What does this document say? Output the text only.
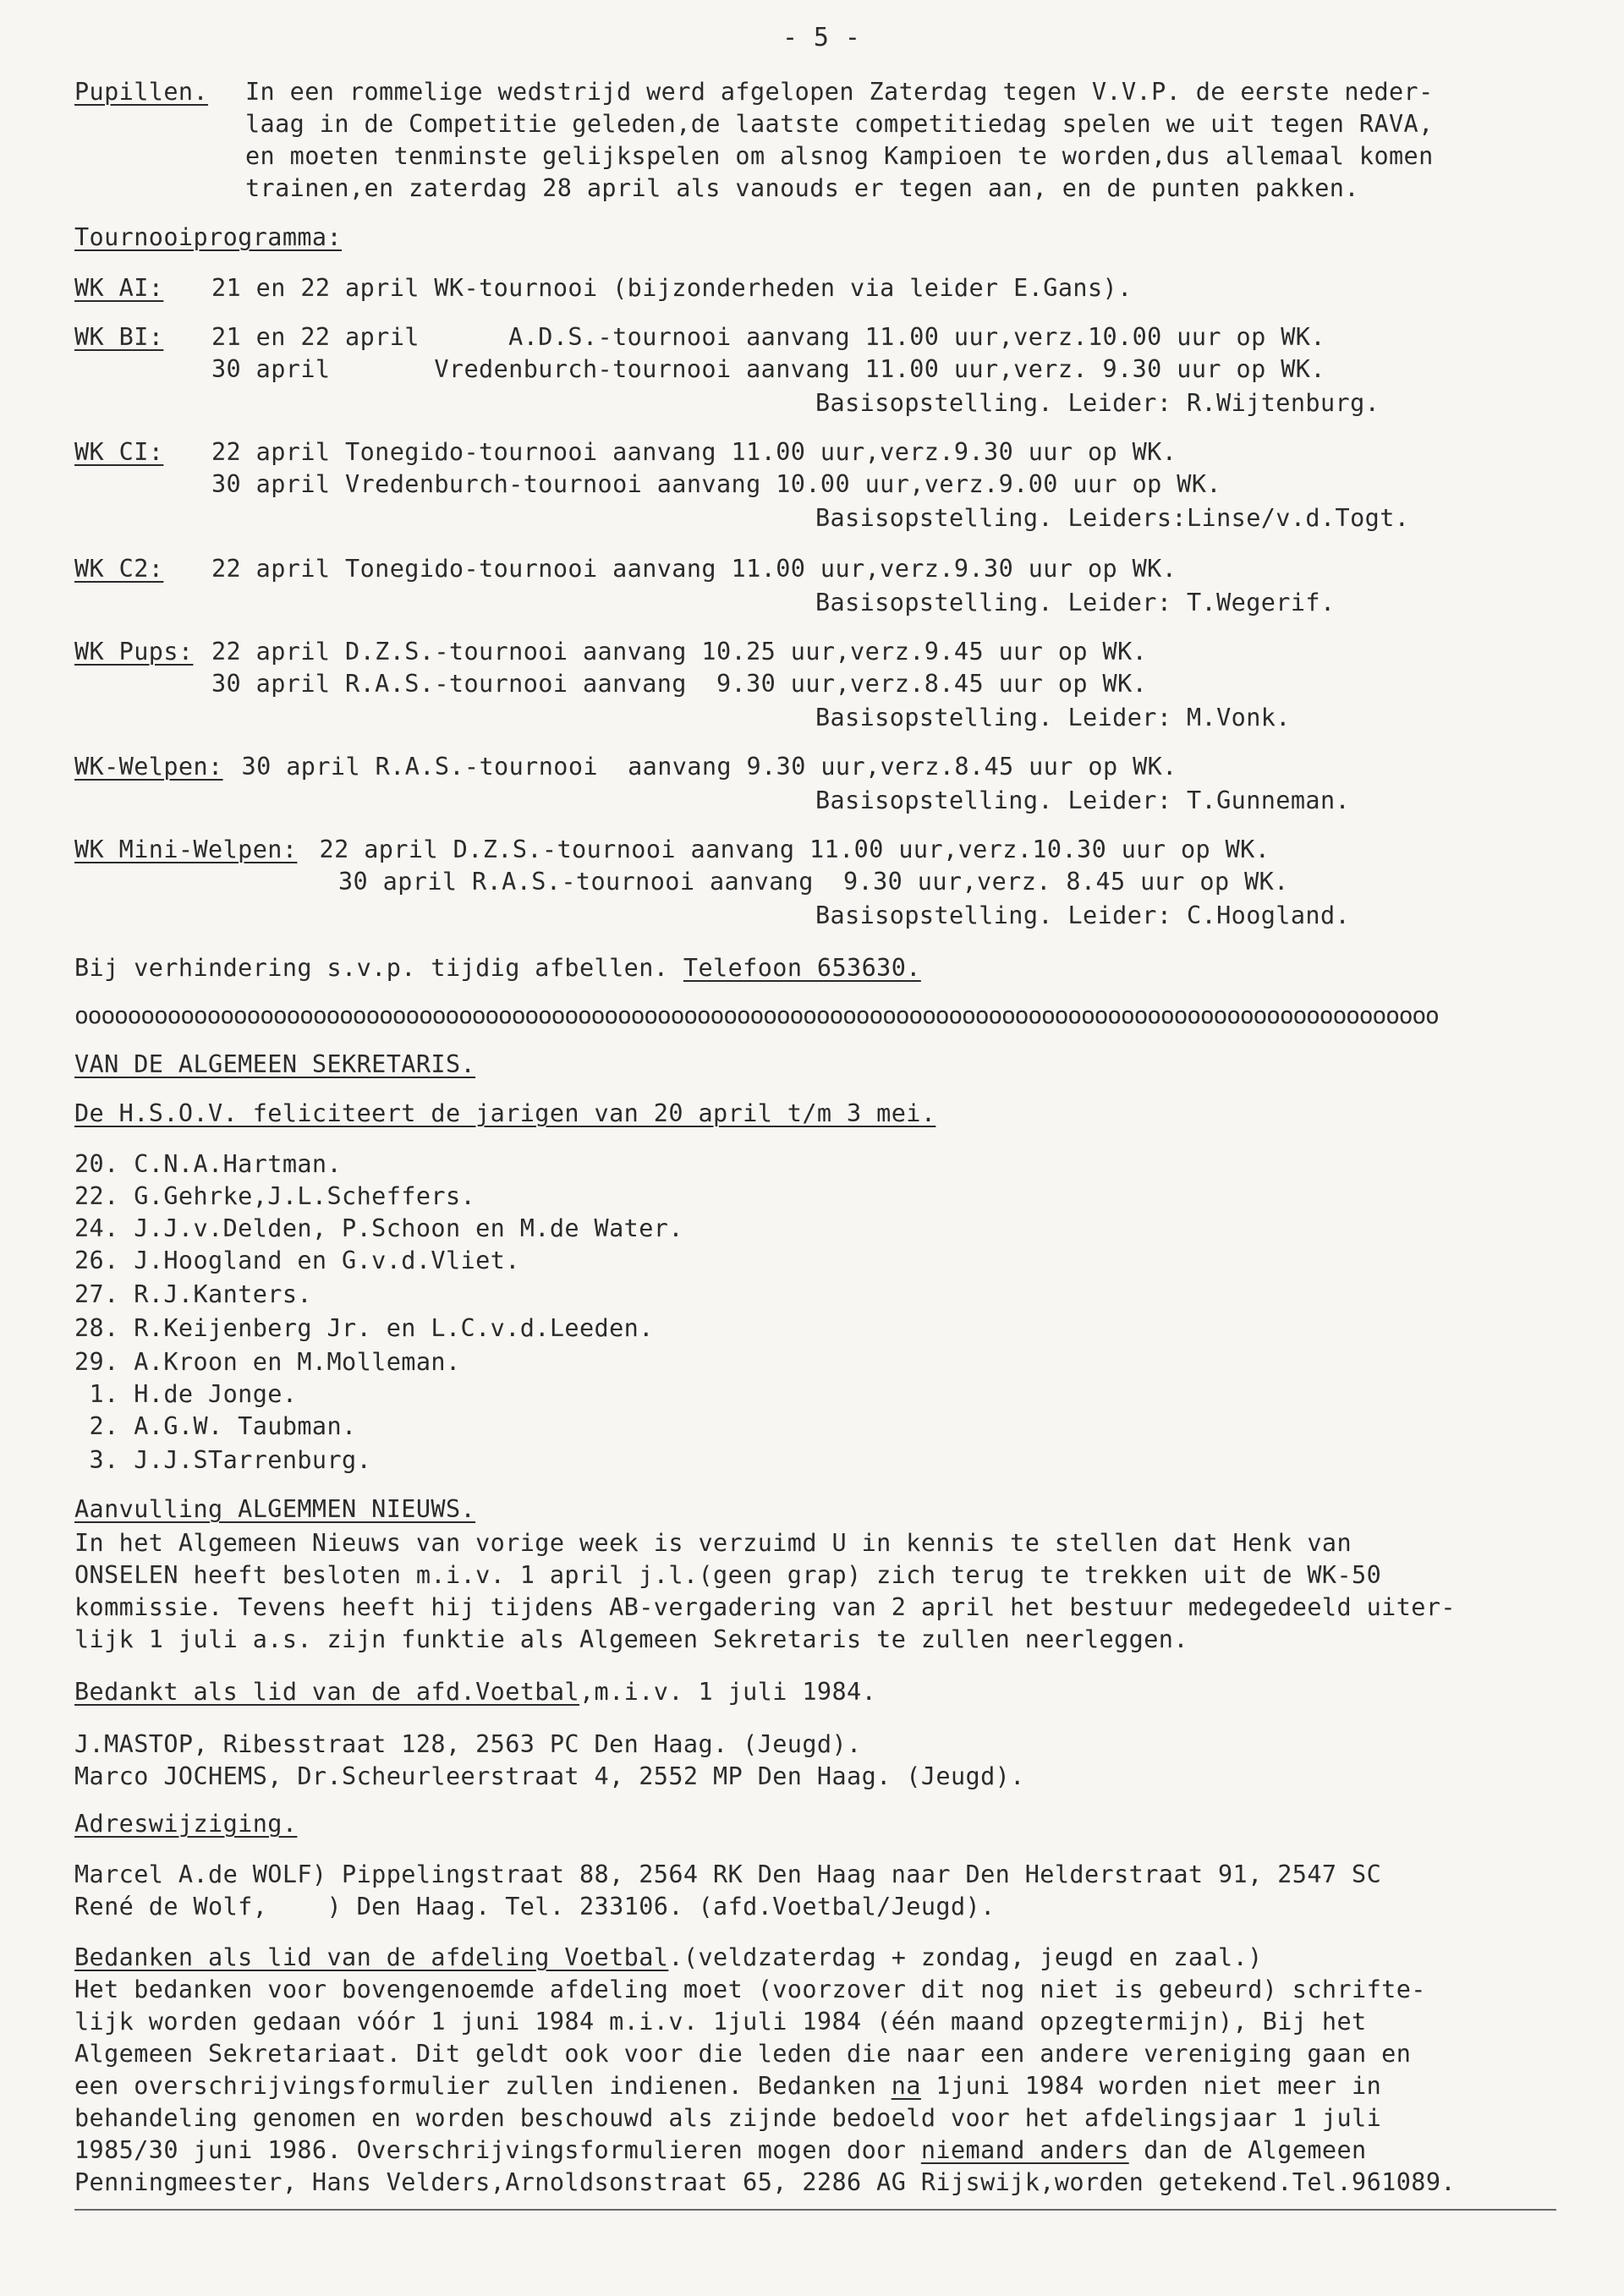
- 5 -
Pupillen. In een rommelige wedstrijd werd afgelopen Zaterdag tegen V.V.P. de eerste neder-
laag in de Competitie geleden,de laatste competitiedag spelen we uit tegen RAVA,
en moeten tenminste gelijkspelen om alsnog Kampioen te worden,dus allemaal komen
trainen,en zaterdag 28 april als vanouds er tegen aan, en de punten pakken.
Tournooiprogramma:
WK AI: 21 en 22 april WK-tournooi (bijzonderheden via leider E.Gans).
WK BI: 21 en 22 april      A.D.S.-tournooi aanvang 11.00 uur,verz.10.00 uur op WK.
30 april       Vredenburch-tournooi aanvang 11.00 uur,verz. 9.30 uur op WK.
Basisopstelling. Leider: R.Wijtenburg.
WK CI: 22 april Tonegido-tournooi aanvang 11.00 uur,verz.9.30 uur op WK.
30 april Vredenburch-tournooi aanvang 10.00 uur,verz.9.00 uur op WK.
Basisopstelling. Leiders:Linse/v.d.Togt.
WK C2: 22 april Tonegido-tournooi aanvang 11.00 uur,verz.9.30 uur op WK.
Basisopstelling. Leider: T.Wegerif.
WK Pups: 22 april D.Z.S.-tournooi aanvang 10.25 uur,verz.9.45 uur op WK.
30 april R.A.S.-tournooi aanvang  9.30 uur,verz.8.45 uur op WK.
Basisopstelling. Leider: M.Vonk.
WK-Welpen: 30 april R.A.S.-tournooi  aanvang 9.30 uur,verz.8.45 uur op WK.
Basisopstelling. Leider: T.Gunneman.
WK Mini-Welpen: 22 april D.Z.S.-tournooi aanvang 11.00 uur,verz.10.30 uur op WK.
30 april R.A.S.-tournooi aanvang  9.30 uur,verz. 8.45 uur op WK.
Basisopstelling. Leider: C.Hoogland.
Bij verhindering s.v.p. tijdig afbellen. Telefoon 653630.
ooooooooooooooooooooooooooooooooooooooooooooooooooooooooooooooooooooooooooooooooooooooooooooooooooooooo
VAN DE ALGEMEEN SEKRETARIS.
De H.S.O.V. feliciteert de jarigen van 20 april t/m 3 mei.
20. C.N.A.Hartman.
22. G.Gehrke,J.L.Scheffers.
24. J.J.v.Delden, P.Schoon en M.de Water.
26. J.Hoogland en G.v.d.Vliet.
27. R.J.Kanters.
28. R.Keijenberg Jr. en L.C.v.d.Leeden.
29. A.Kroon en M.Molleman.
1. H.de Jonge.
2. A.G.W. Taubman.
3. J.J.STarrenburg.
Aanvulling ALGEMMEN NIEUWS.
In het Algemeen Nieuws van vorige week is verzuimd U in kennis te stellen dat Henk van
ONSELEN heeft besloten m.i.v. 1 april j.l.(geen grap) zich terug te trekken uit de WK-50
kommissie. Tevens heeft hij tijdens AB-vergadering van 2 april het bestuur medegedeeld uiter-
lijk 1 juli a.s. zijn funktie als Algemeen Sekretaris te zullen neerleggen.
Bedankt als lid van de afd.Voetbal,m.i.v. 1 juli 1984.
J.MASTOP, Ribesstraat 128, 2563 PC Den Haag. (Jeugd).
Marco JOCHEMS, Dr.Scheurleerstraat 4, 2552 MP Den Haag. (Jeugd).
Adreswijziging.
Marcel A.de WOLF) Pippelingstraat 88, 2564 RK Den Haag naar Den Helderstraat 91, 2547 SC
René de Wolf,    ) Den Haag. Tel. 233106. (afd.Voetbal/Jeugd).
Bedanken als lid van de afdeling Voetbal.(veldzaterdag + zondag, jeugd en zaal.)
Het bedanken voor bovengenoemde afdeling moet (voorzover dit nog niet is gebeurd) schrifte-
lijk worden gedaan vóór 1 juni 1984 m.i.v. 1juli 1984 (één maand opzegtermijn), Bij het
Algemeen Sekretariaat. Dit geldt ook voor die leden die naar een andere vereniging gaan en
een overschrijvingsformulier zullen indienen. Bedanken na 1juni 1984 worden niet meer in
behandeling genomen en worden beschouwd als zijnde bedoeld voor het afdelingsjaar 1 juli
1985/30 juni 1986. Overschrijvingsformulieren mogen door niemand anders dan de Algemeen
Penningmeester, Hans Velders,Arnoldsonstraat 65, 2286 AG Rijswijk,worden getekend.Tel.961089.
